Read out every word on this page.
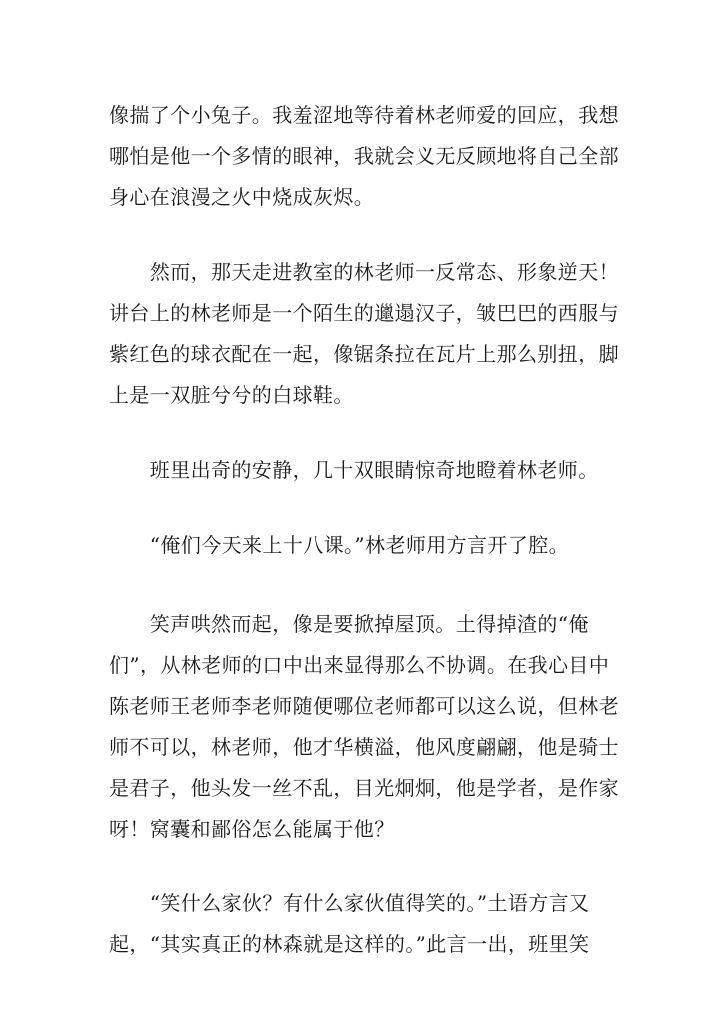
像揣了个小兔子。我羞涩地等待着林老师爱的回应，我想
哪怕是他一个多情的眼神，我就会义无反顾地将自己全部
身心在浪漫之火中烧成灰烬。
　　然而，那天走进教室的林老师一反常态、形象逆天！
讲台上的林老师是一个陌生的邋遢汉子，皱巴巴的西服与
紫红色的球衣配在一起，像锯条拉在瓦片上那么别扭，脚
上是一双脏兮兮的白球鞋。
　　班里出奇的安静，几十双眼睛惊奇地瞪着林老师。
　　“俺们今天来上十八课。”林老师用方言开了腔。
　　笑声哄然而起，像是要掀掉屋顶。土得掉渣的“俺
们”，从林老师的口中出来显得那么不协调。在我心目中
陈老师王老师李老师随便哪位老师都可以这么说，但林老
师不可以，林老师，他才华横溢，他风度翩翩，他是骑士
是君子，他头发一丝不乱，目光炯炯，他是学者，是作家
呀！窝囊和鄙俗怎么能属于他？
　　“笑什么家伙？有什么家伙值得笑的。”土语方言又
起，“其实真正的林森就是这样的。”此言一出，班里笑
